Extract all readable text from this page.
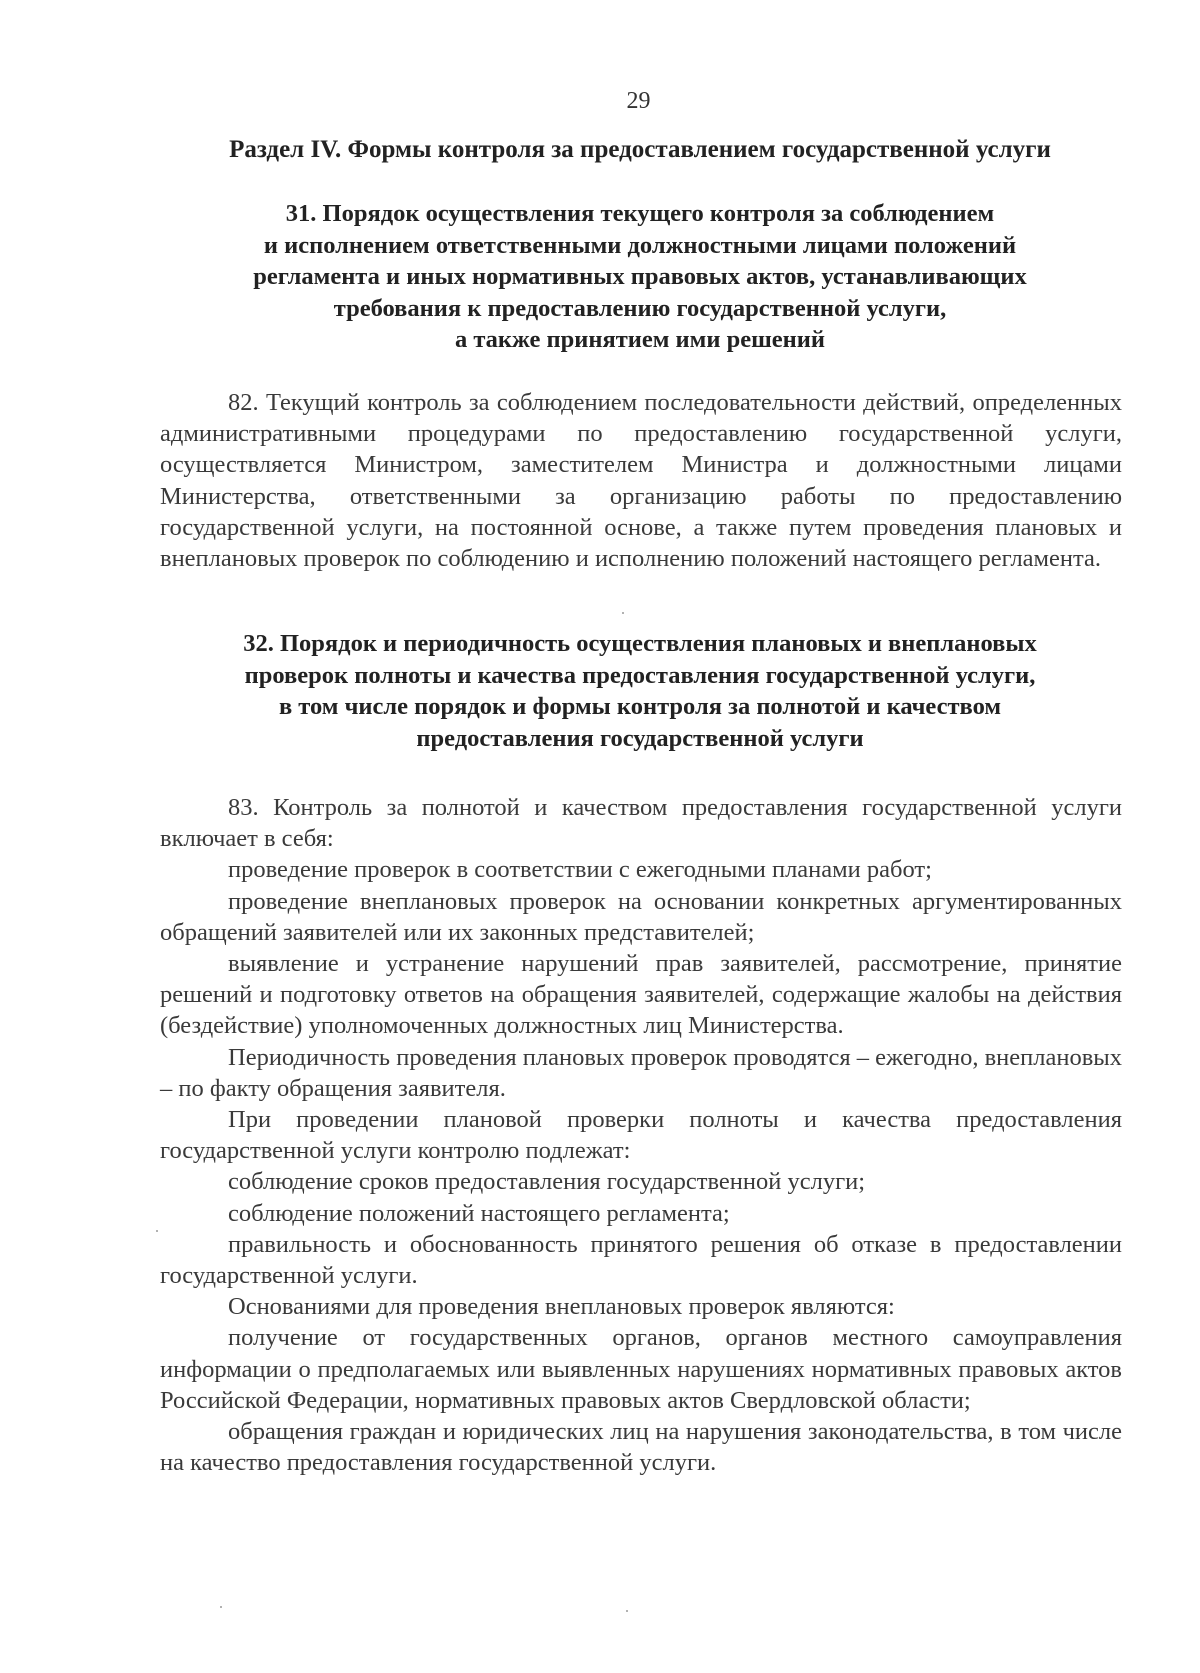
29
Раздел IV. Формы контроля за предоставлением государственной услуги
31. Порядок осуществления текущего контроля за соблюдением
и исполнением ответственными должностными лицами положений
регламента и иных нормативных правовых актов, устанавливающих
требования к предоставлению государственной услуги,
а также принятием ими решений

82. Текущий контроль за соблюдением последовательности действий, определенных административными процедурами по предоставлению государственной услуги, осуществляется Министром, заместителем Министра и должностными лицами Министерства, ответственными за организацию работы по предоставлению государственной услуги, на постоянной основе, а также путем проведения плановых и внеплановых проверок по соблюдению и исполнению положений настоящего регламента.

32. Порядок и периодичность осуществления плановых и внеплановых
проверок полноты и качества предоставления государственной услуги,
в том числе порядок и формы контроля за полнотой и качеством
предоставления государственной услуги

83. Контроль за полнотой и качеством предоставления государственной услуги включает в себя:

проведение проверок в соответствии с ежегодными планами работ;

проведение внеплановых проверок на основании конкретных аргументированных обращений заявителей или их законных представителей;

выявление и устранение нарушений прав заявителей, рассмотрение, принятие решений и подготовку ответов на обращения заявителей, содержащие жалобы на действия (бездействие) уполномоченных должностных лиц Министерства.

Периодичность проведения плановых проверок проводятся – ежегодно, внеплановых – по факту обращения заявителя.

При проведении плановой проверки полноты и качества предоставления государственной услуги контролю подлежат:

соблюдение сроков предоставления государственной услуги;

соблюдение положений настоящего регламента;

правильность и обоснованность принятого решения об отказе в предоставлении государственной услуги.

Основаниями для проведения внеплановых проверок являются:

получение от государственных органов, органов местного самоуправления информации о предполагаемых или выявленных нарушениях нормативных правовых актов Российской Федерации, нормативных правовых актов Свердловской области;

обращения граждан и юридических лиц на нарушения законодательства, в том числе на качество предоставления государственной услуги.
